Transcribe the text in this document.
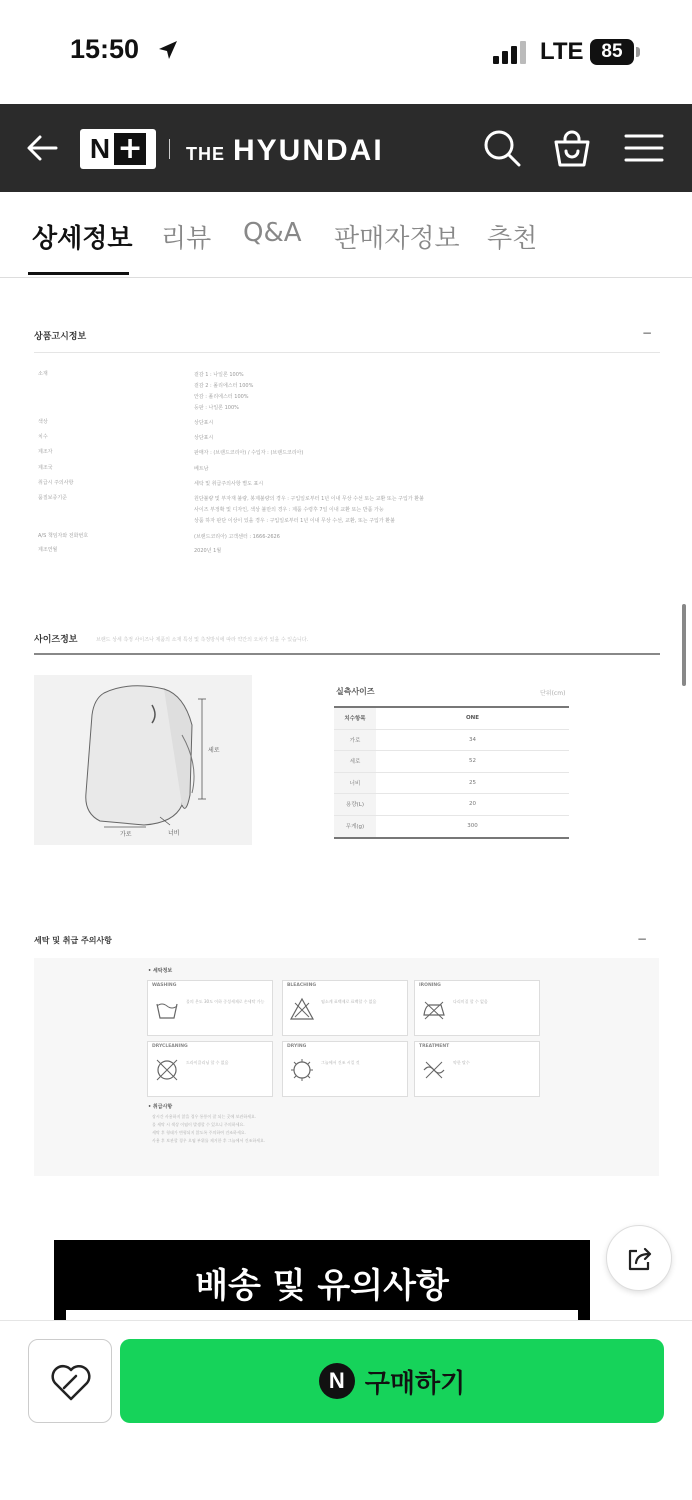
15:50	LTE 85
N + THE HYUNDAI
상세정보 리뷰 Q&A 판매자정보 추천
상품고시정보	−
소재	겉감 1 : 나일론 100%
겉감 2 : 폴리에스터 100%
안감 : 폴리에스터 100%
등판 : 나일론 100%
색상	상단표시
치수	상단표시
제조자	판매자 : (브랜드코리아) / 수입자 : (브랜드코리아)
제조국	베트남
취급시 주의사항	세탁 및 취급주의사항 별도 표시
품질보증기준	원단불량 및 부자재 불량, 봉제불량의 경우 : 구입일로부터 1년 이내 무상 수선 또는 교환 또는 구입가 환불
사이즈 부정확 및 디자인, 색상 불만의 경우 : 제품 수령후 7일 이내 교환 또는 반품 가능
상품 하자 판단 이상이 있을 경우 : 구입일로부터 1년 이내 무상 수선, 교환, 또는 구입가 환불
A/S 책임자와 전화번호	(브랜드코리아) 고객센터 : 1666-2626
제조연월	2020년 1월
사이즈정보	브랜드 상세 측정 사이즈나 제품의 소재 특성 및 측정방식에 따라 약간의 오차가 있을 수 있습니다.
세로
가로	너비
실측사이즈	단위(cm)
치수항목	ONE
가로	34
세로	52
너비	25
용량(L)	20
무게(g)	300
세탁 및 취급 주의사항	−
• 세탁정보
WASHING
물의 온도 30도 이하 중성세제로 손세탁 가능
BLEACHING
염소계 표백제로 표백할 수 없음
IRONING
다리미질 할 수 없음
DRYCLEANING
드라이클리닝 할 수 없음
DRYING
그늘에서 건조 시킬 것
TREATMENT
약한 탈수
• 취급사항
장시간 사용하지 않을 경우 통풍이 잘 되는 곳에 보관하세요.
물 세탁 시 색상 이염이 발생할 수 있으니 주의하세요.
세탁 후 형태가 변형되지 않도록 주의하여 건조하세요.
사용 후 보관할 경우 오염 부위를 제거한 후 그늘에서 건조하세요.
배송 및 유의사항
N 구매하기
